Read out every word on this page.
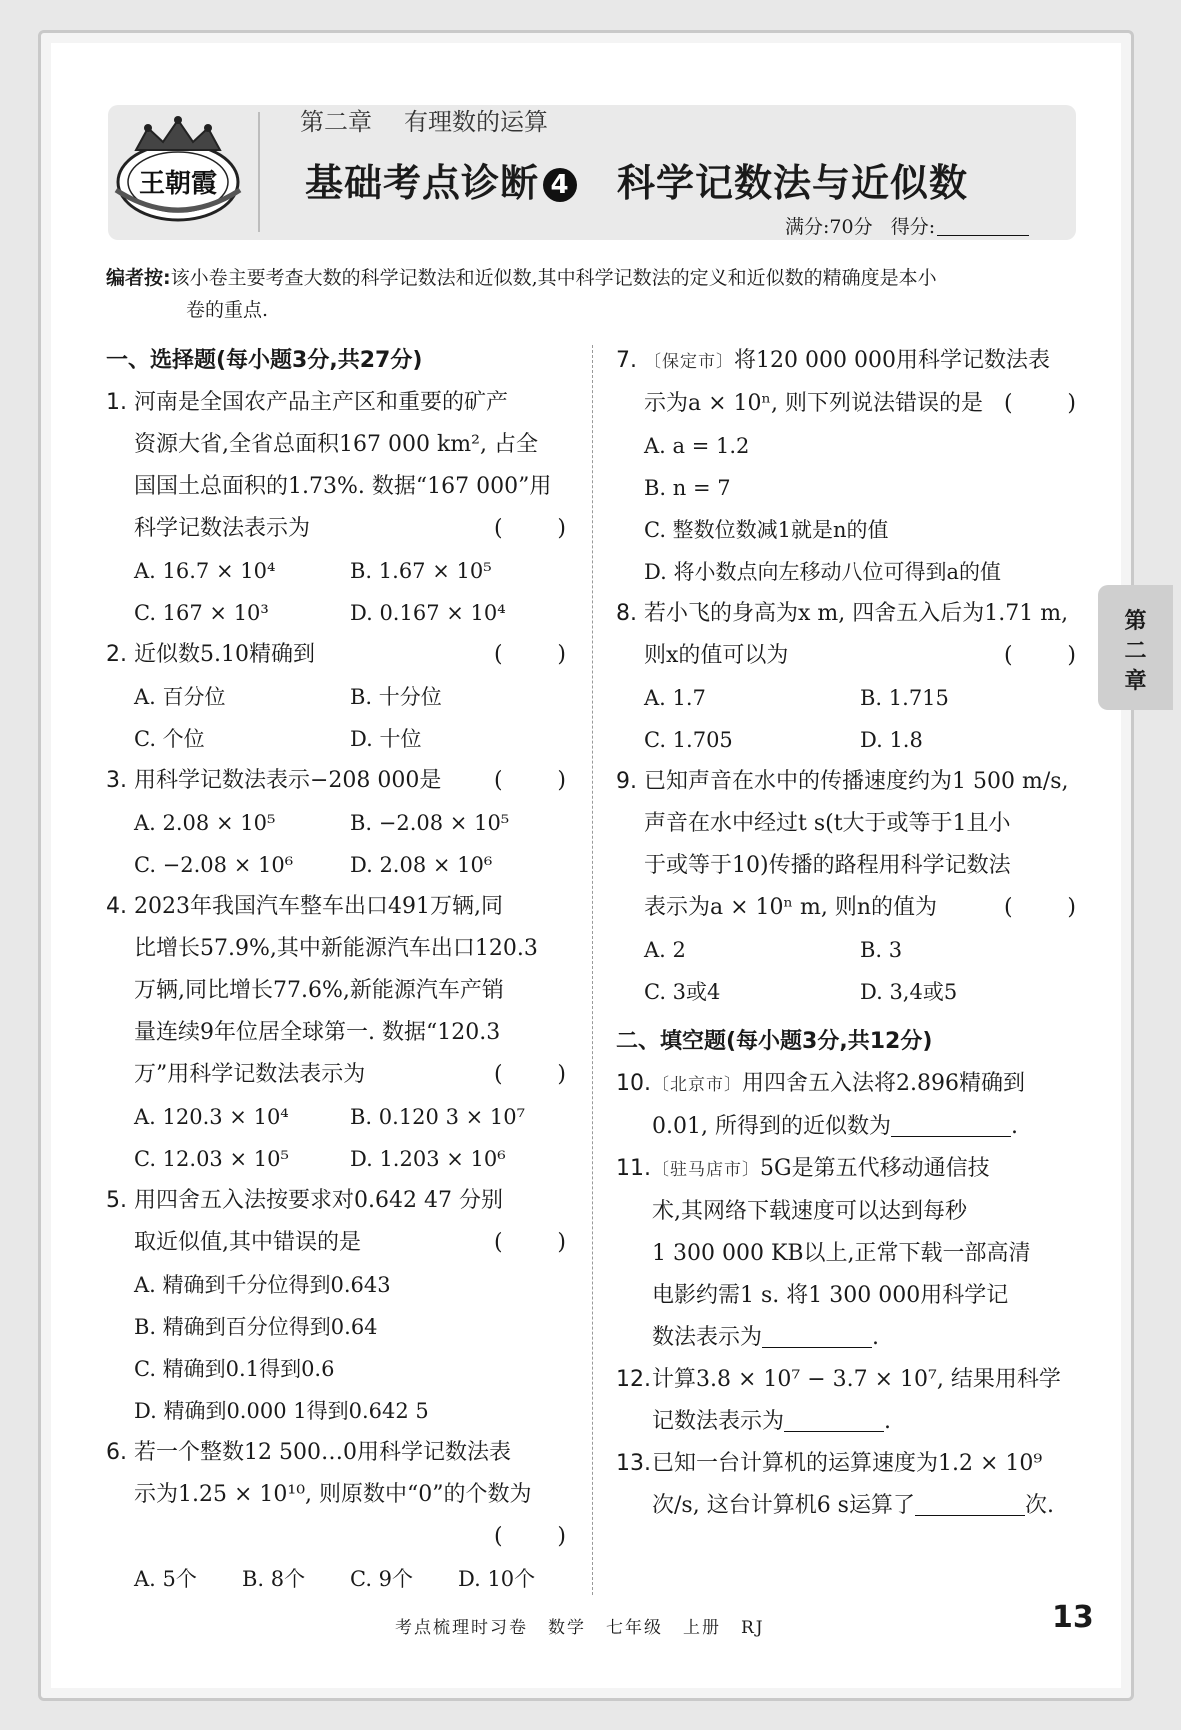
王朝霞
第二章 有理数的运算
基础考点诊断 4 科学记数法与近似数
满分:70分 得分:
编者按:该小卷主要考查大数的科学记数法和近似数,其中科学记数法的定义和近似数的精确度是本小
卷的重点.
一、选择题(每小题3分,共27分)
1. 河南是全国农产品主产区和重要的矿产
资源大省,全省总面积167 000 km², 占全
国国土总面积的1.73%. 数据“167 000”用
( )
科学记数法表示为
A. 16.7 × 10⁴	B. 1.67 × 10⁵
C. 167 × 10³	D. 0.167 × 10⁴
2. ( ) 近似数5.10精确到
A. 百分位	B. 十分位
C. 个位	D. 十位
3. ( ) 用科学记数法表示−208 000是
A. 2.08 × 10⁵	B. −2.08 × 10⁵
C. −2.08 × 10⁶	D. 2.08 × 10⁶
4. 2023年我国汽车整车出口491万辆,同
比增长57.9%,其中新能源汽车出口120.3
万辆,同比增长77.6%,新能源汽车产销
量连续9年位居全球第一. 数据“120.3
( )
万”用科学记数法表示为
A. 120.3 × 10⁴	B. 0.120 3 × 10⁷
C. 12.03 × 10⁵	D. 1.203 × 10⁶
5. 用四舍五入法按要求对0.642 47 分别
( )
取近似值,其中错误的是
A. 精确到千分位得到0.643
B. 精确到百分位得到0.64
C. 精确到0.1得到0.6
D. 精确到0.000 1得到0.642 5
6. 若一个整数12 500…0用科学记数法表
示为1.25 × 10¹⁰, 则原数中“0”的个数为
( )

A. 5个	B. 8个	C. 9个	D. 10个
7. 〔保定市〕将120 000 000用科学记数法表
( )
示为a × 10ⁿ, 则下列说法错误的是
A. a = 1.2
B. n = 7
C. 整数位数减1就是n的值
D. 将小数点向左移动八位可得到a的值
8. 若小飞的身高为x m, 四舍五入后为1.71 m,
( )
则x的值可以为
A. 1.7	B. 1.715
C. 1.705	D. 1.8
9. 已知声音在水中的传播速度约为1 500 m/s,
声音在水中经过t s(t大于或等于1且小
于或等于10)传播的路程用科学记数法
( )
表示为a × 10ⁿ m, 则n的值为
A. 2	B. 3
C. 3或4	D. 3,4或5
二、填空题(每小题3分,共12分)
10. 〔北京市〕用四舍五入法将2.896精确到
0.01, 所得到的近似数为	.
11. 〔驻马店市〕5G是第五代移动通信技
术,其网络下载速度可以达到每秒
1 300 000 KB以上,正常下载一部高清
电影约需1 s. 将1 300 000用科学记
数法表示为	.
12. 计算3.8 × 10⁷ − 3.7 × 10⁷, 结果用科学
记数法表示为	.
13. 已知一台计算机的运算速度为1.2 × 10⁹
次/s, 这台计算机6 s运算了	次.
第
二
章
考点梳理时习卷 数学 七年级 上册 RJ	13
